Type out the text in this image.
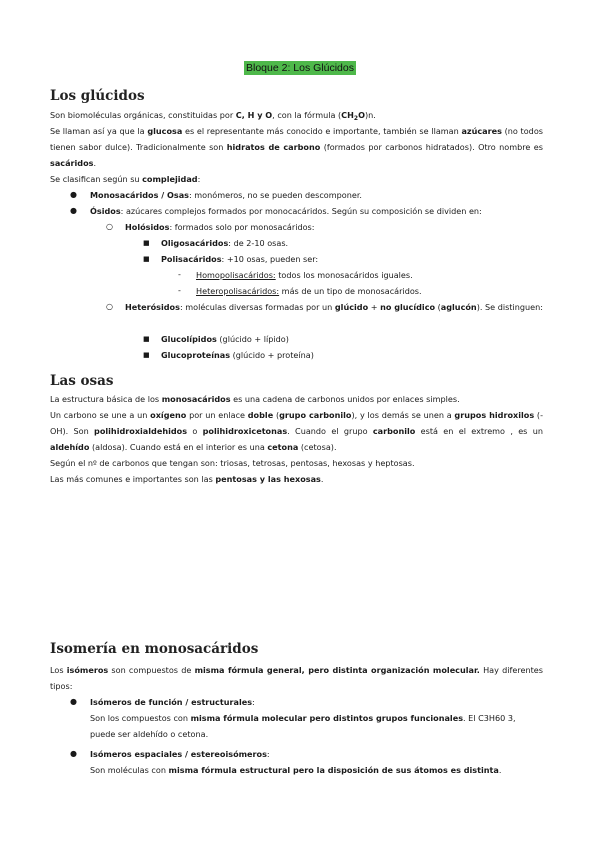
Bloque 2: Los Glúcidos
Los glúcidos

Son biomoléculas orgánicas, constituidas por C, H y O, con la fórmula $(CH_2O)n$.

Se llaman así ya que la glucosa es el representante más conocido e importante, también se llaman azúcares (no todos tienen sabor dulce). Tradicionalmente son hidratos de carbono (formados por carbonos hidratados). Otro nombre es sacáridos.

Se clasifican según su complejidad:

● Monosacáridos / Osas: monómeros, no se pueden descomponer.

● Ósidos: azúcares complejos formados por monocacáridos. Según su composición se dividen en:

○ Holósidos: formados solo por monosacáridos:

■ Oligosacáridos: de 2-10 osas.

■ Polisacáridos: +10 osas, pueden ser:

- Homopolisacáridos: todos los monosacáridos iguales.

- Heteropolisacáridos: más de un tipo de monosacáridos.

○ Heterósidos: moléculas diversas formadas por un glúcido + no glucídico (aglucón). Se distinguen:

■ Glucolípidos (glúcido + lípido)

■ Glucoproteínas (glúcido + proteína)

Las osas

La estructura básica de los monosacáridos es una cadena de carbonos unidos por enlaces simples.

Un carbono se une a un oxígeno por un enlace doble (grupo carbonilo), y los demás se unen a grupos hidroxilos (-OH). Son polihidroxialdehidos o polihidroxicetonas. Cuando el grupo carbonilo está en el extremo , es un aldehído (aldosa). Cuando está en el interior es una cetona (cetosa).

Según el nº de carbonos que tengan son: triosas, tetrosas, pentosas, hexosas y heptosas.

Las más comunes e importantes son las pentosas y las hexosas.

Isomería en monosacáridos

Los isómeros son compuestos de misma fórmula general, pero distinta organización molecular. Hay diferentes tipos:

● Isómeros de función / estructurales:

Son los compuestos con misma fórmula molecular pero distintos grupos funcionales. El C3H60 3, puede ser aldehído o cetona.

● Isómeros espaciales / estereoisómeros:

Son moléculas con misma fórmula estructural pero la disposición de sus átomos es distinta.
